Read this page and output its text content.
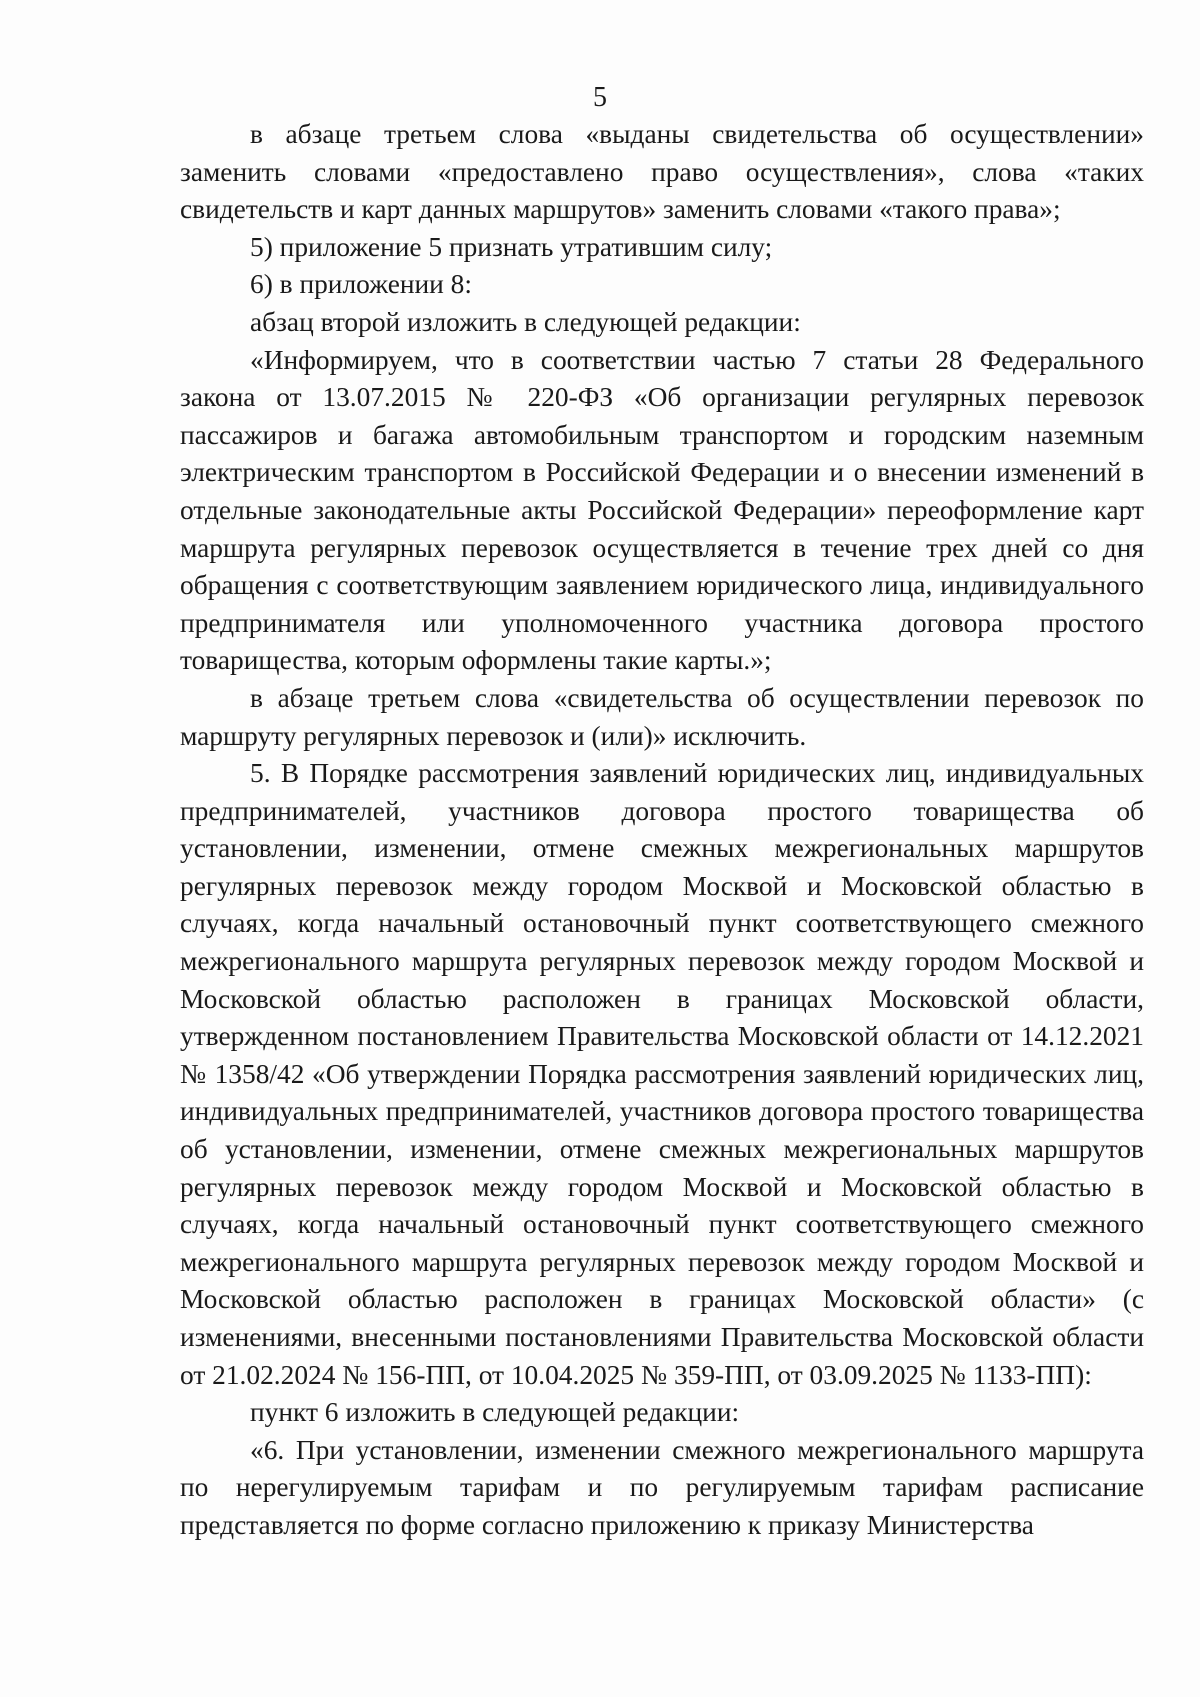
5

в абзаце третьем слова «выданы свидетельства об осуществлении» заменить словами «предоставлено право осуществления», слова «таких свидетельств и карт данных маршрутов» заменить словами «такого права»;

5) приложение 5 признать утратившим силу;

6) в приложении 8:

абзац второй изложить в следующей редакции:

«Информируем, что в соответствии частью 7 статьи 28 Федерального закона от 13.07.2015 № 220-ФЗ «Об организации регулярных перевозок пассажиров и багажа автомобильным транспортом и городским наземным электрическим транспортом в Российской Федерации и о внесении изменений в отдельные законодательные акты Российской Федерации» переоформление карт маршрута регулярных перевозок осуществляется в течение трех дней со дня обращения с соответствующим заявлением юридического лица, индивидуального предпринимателя или уполномоченного участника договора простого товарищества, которым оформлены такие карты.»;

в абзаце третьем слова «свидетельства об осуществлении перевозок по маршруту регулярных перевозок и (или)» исключить.

5. В Порядке рассмотрения заявлений юридических лиц, индивидуальных предпринимателей, участников договора простого товарищества об установлении, изменении, отмене смежных межрегиональных маршрутов регулярных перевозок между городом Москвой и Московской областью в случаях, когда начальный остановочный пункт соответствующего смежного межрегионального маршрута регулярных перевозок между городом Москвой и Московской областью расположен в границах Московской области, утвержденном постановлением Правительства Московской области от 14.12.2021 № 1358/42 «Об утверждении Порядка рассмотрения заявлений юридических лиц, индивидуальных предпринимателей, участников договора простого товарищества об установлении, изменении, отмене смежных межрегиональных маршрутов регулярных перевозок между городом Москвой и Московской областью в случаях, когда начальный остановочный пункт соответствующего смежного межрегионального маршрута регулярных перевозок между городом Москвой и Московской областью расположен в границах Московской области» (с изменениями, внесенными постановлениями Правительства Московской области от 21.02.2024 № 156-ПП, от 10.04.2025 № 359-ПП, от 03.09.2025 № 1133-ПП):

пункт 6 изложить в следующей редакции:

«6. При установлении, изменении смежного межрегионального маршрута по нерегулируемым тарифам и по регулируемым тарифам расписание представляется по форме согласно приложению к приказу Министерства
